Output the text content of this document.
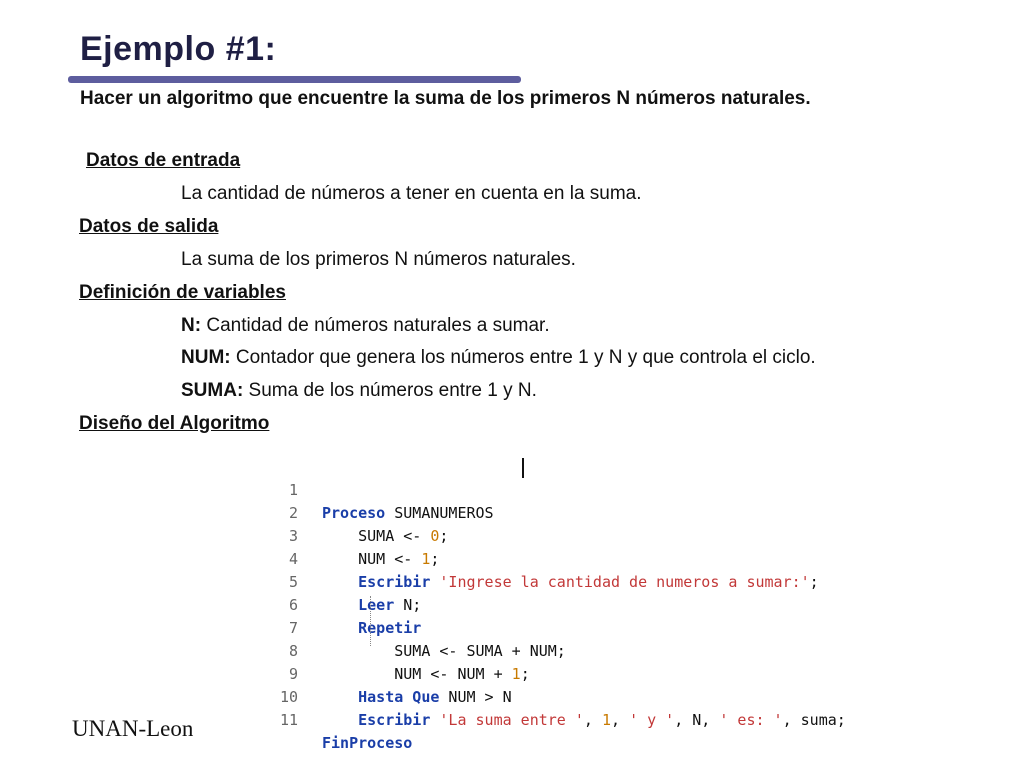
Ejemplo #1:
Hacer un algoritmo que encuentre la suma de los primeros N números naturales.
Datos de entrada
La cantidad de números a tener en cuenta en la suma.
Datos de salida
La suma de los primeros N números naturales.
Definición de variables
N: Cantidad de números naturales a sumar.
NUM: Contador que genera los números entre 1 y N y que controla el ciclo.
SUMA: Suma de los números entre 1 y N.
Diseño del Algoritmo

1

Proceso SUMANUMEROS

2

SUMA <- 0;

3

NUM <- 1;

4

Escribir 'Ingrese la cantidad de numeros a sumar:';

5

Leer N;

6

Repetir

7

SUMA <- SUMA + NUM;

8

NUM <- NUM + 1;

9

Hasta Que NUM > N

10

Escribir 'La suma entre ', 1, ' y ', N, ' es: ', suma;

11

FinProceso

UNAN-Leon
